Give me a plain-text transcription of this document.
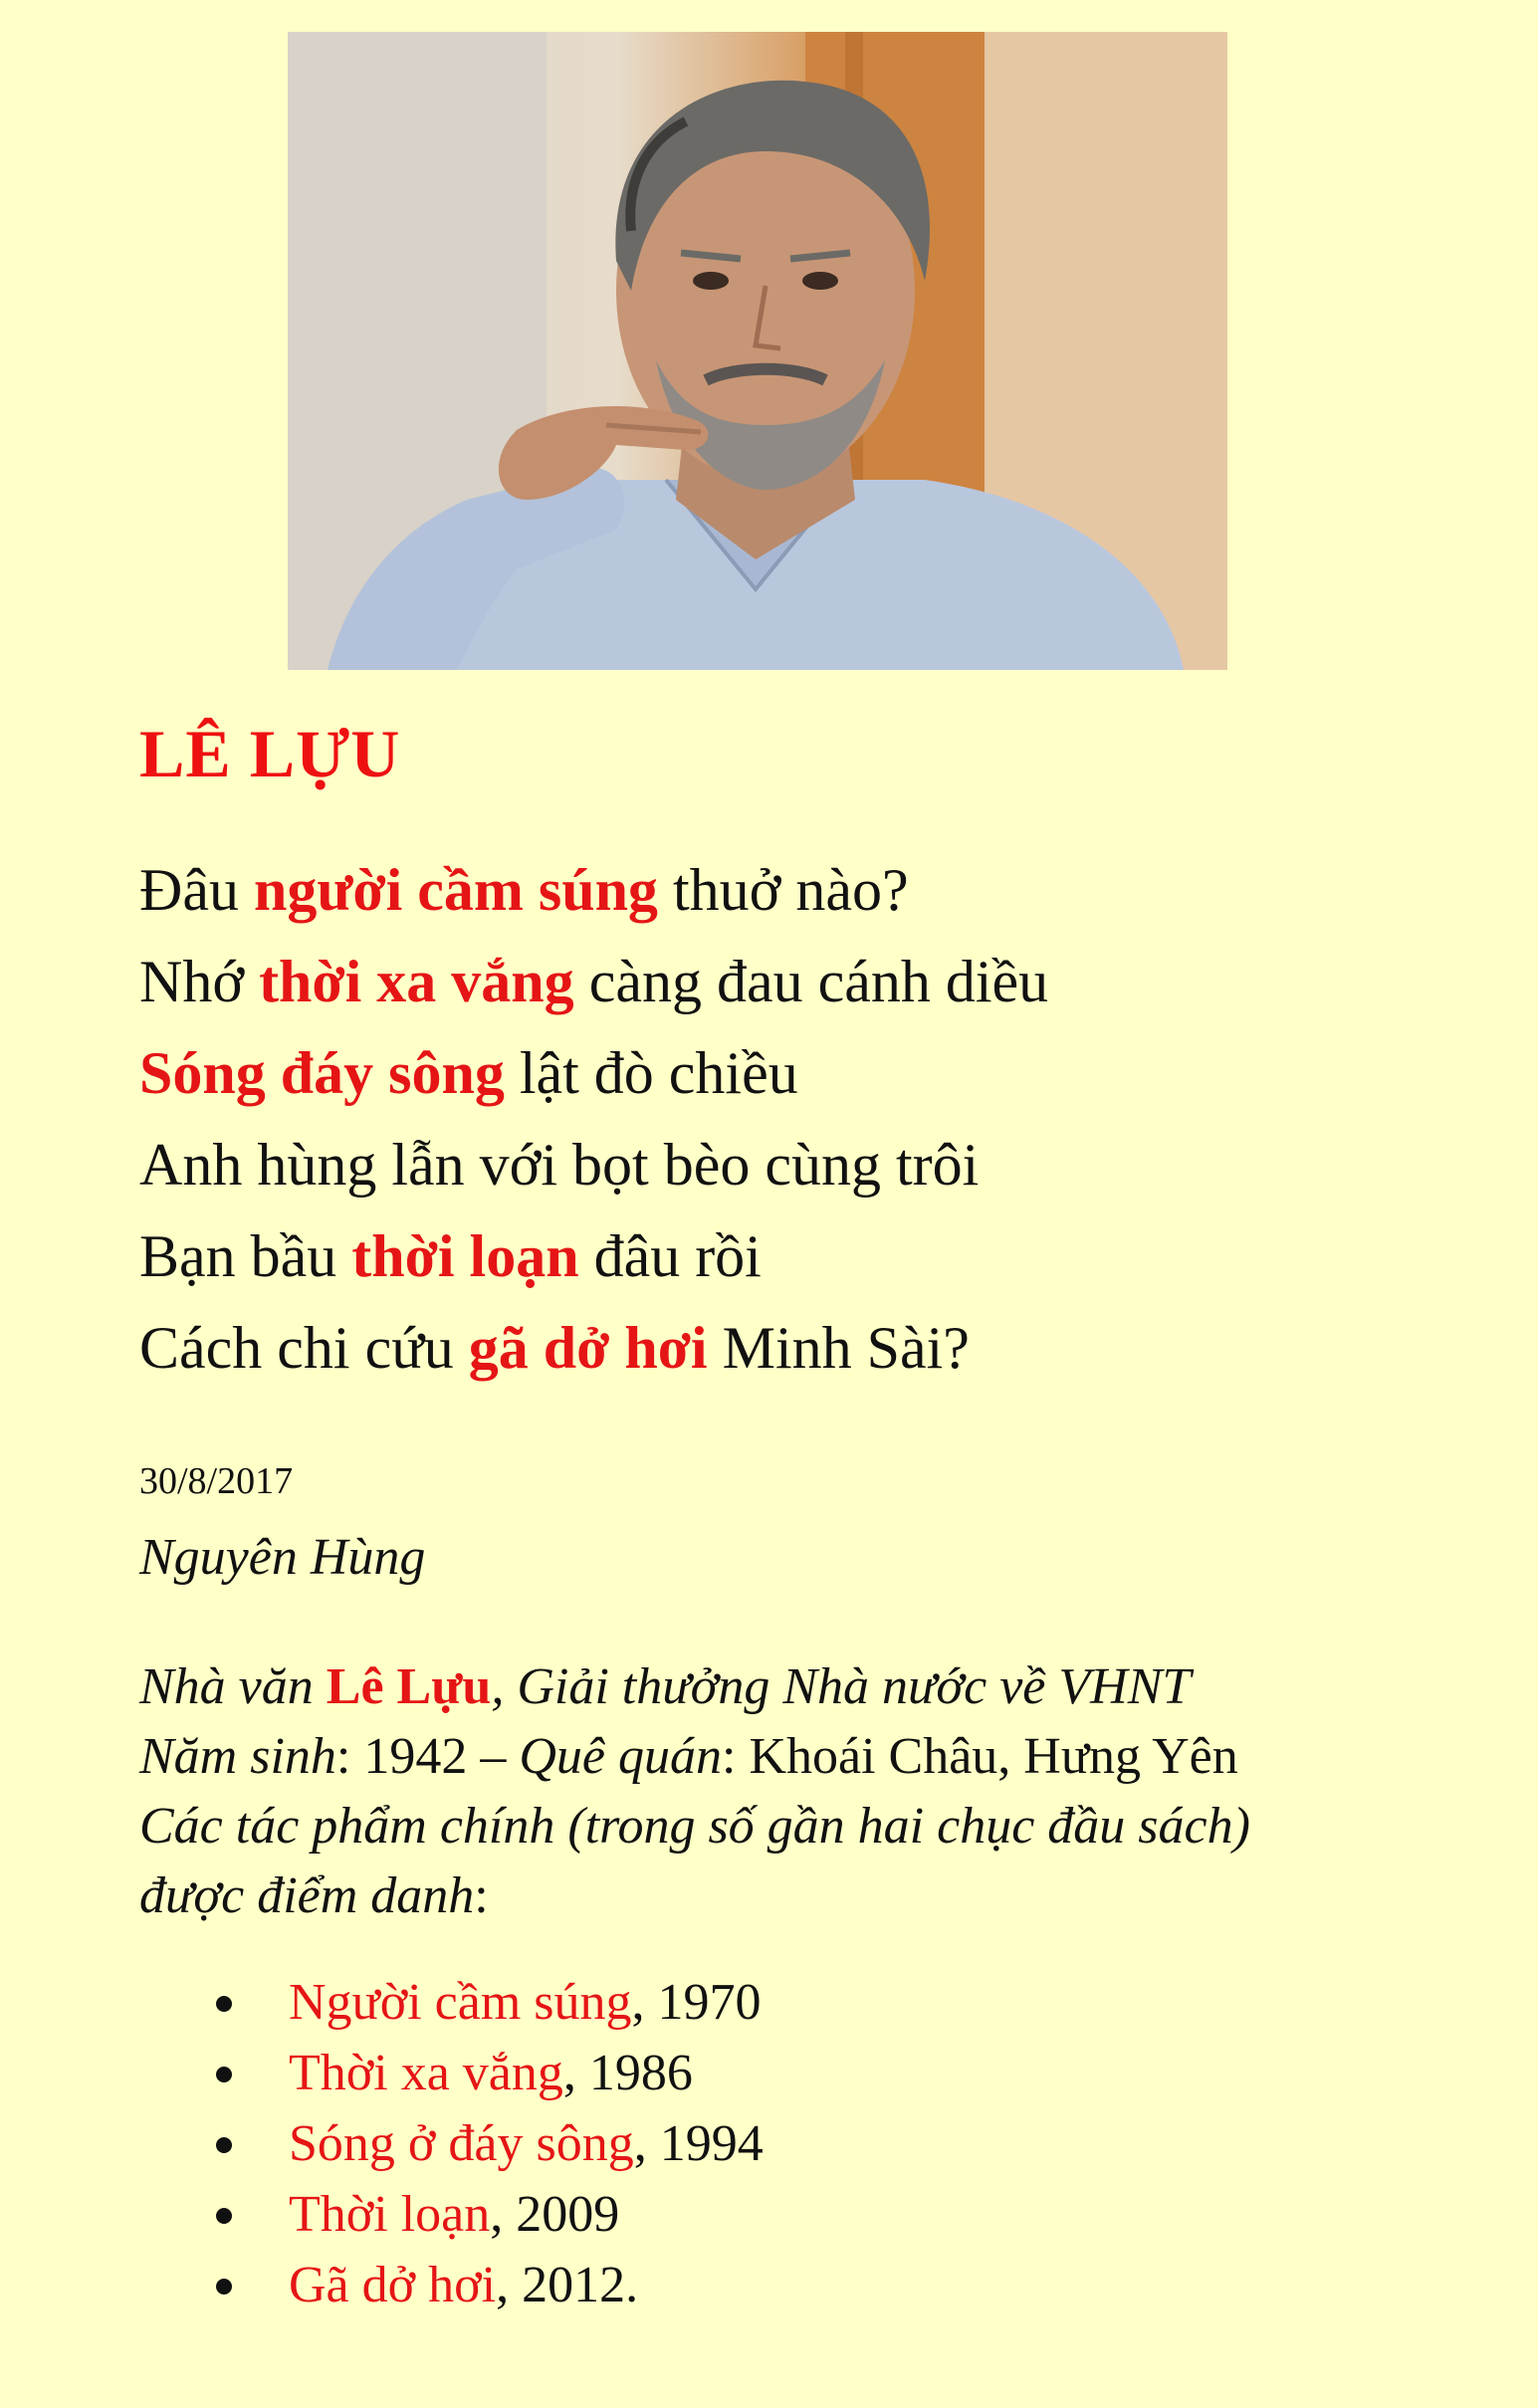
LÊ LỰU
Đâu người cầm súng thuở nào?
Nhớ thời xa vắng càng đau cánh diều
Sóng đáy sông lật đò chiều
Anh hùng lẫn với bọt bèo cùng trôi
Bạn bầu thời loạn đâu rồi
Cách chi cứu gã dở hơi Minh Sài?
30/8/2017
Nguyên Hùng
Nhà văn Lê Lựu, Giải thưởng Nhà nước về VHNT
Năm sinh: 1942 – Quê quán: Khoái Châu, Hưng Yên
Các tác phẩm chính (trong số gần hai chục đầu sách)
được điểm danh:
Người cầm súng, 1970
Thời xa vắng, 1986
Sóng ở đáy sông, 1994
Thời loạn, 2009
Gã dở hơi, 2012.
